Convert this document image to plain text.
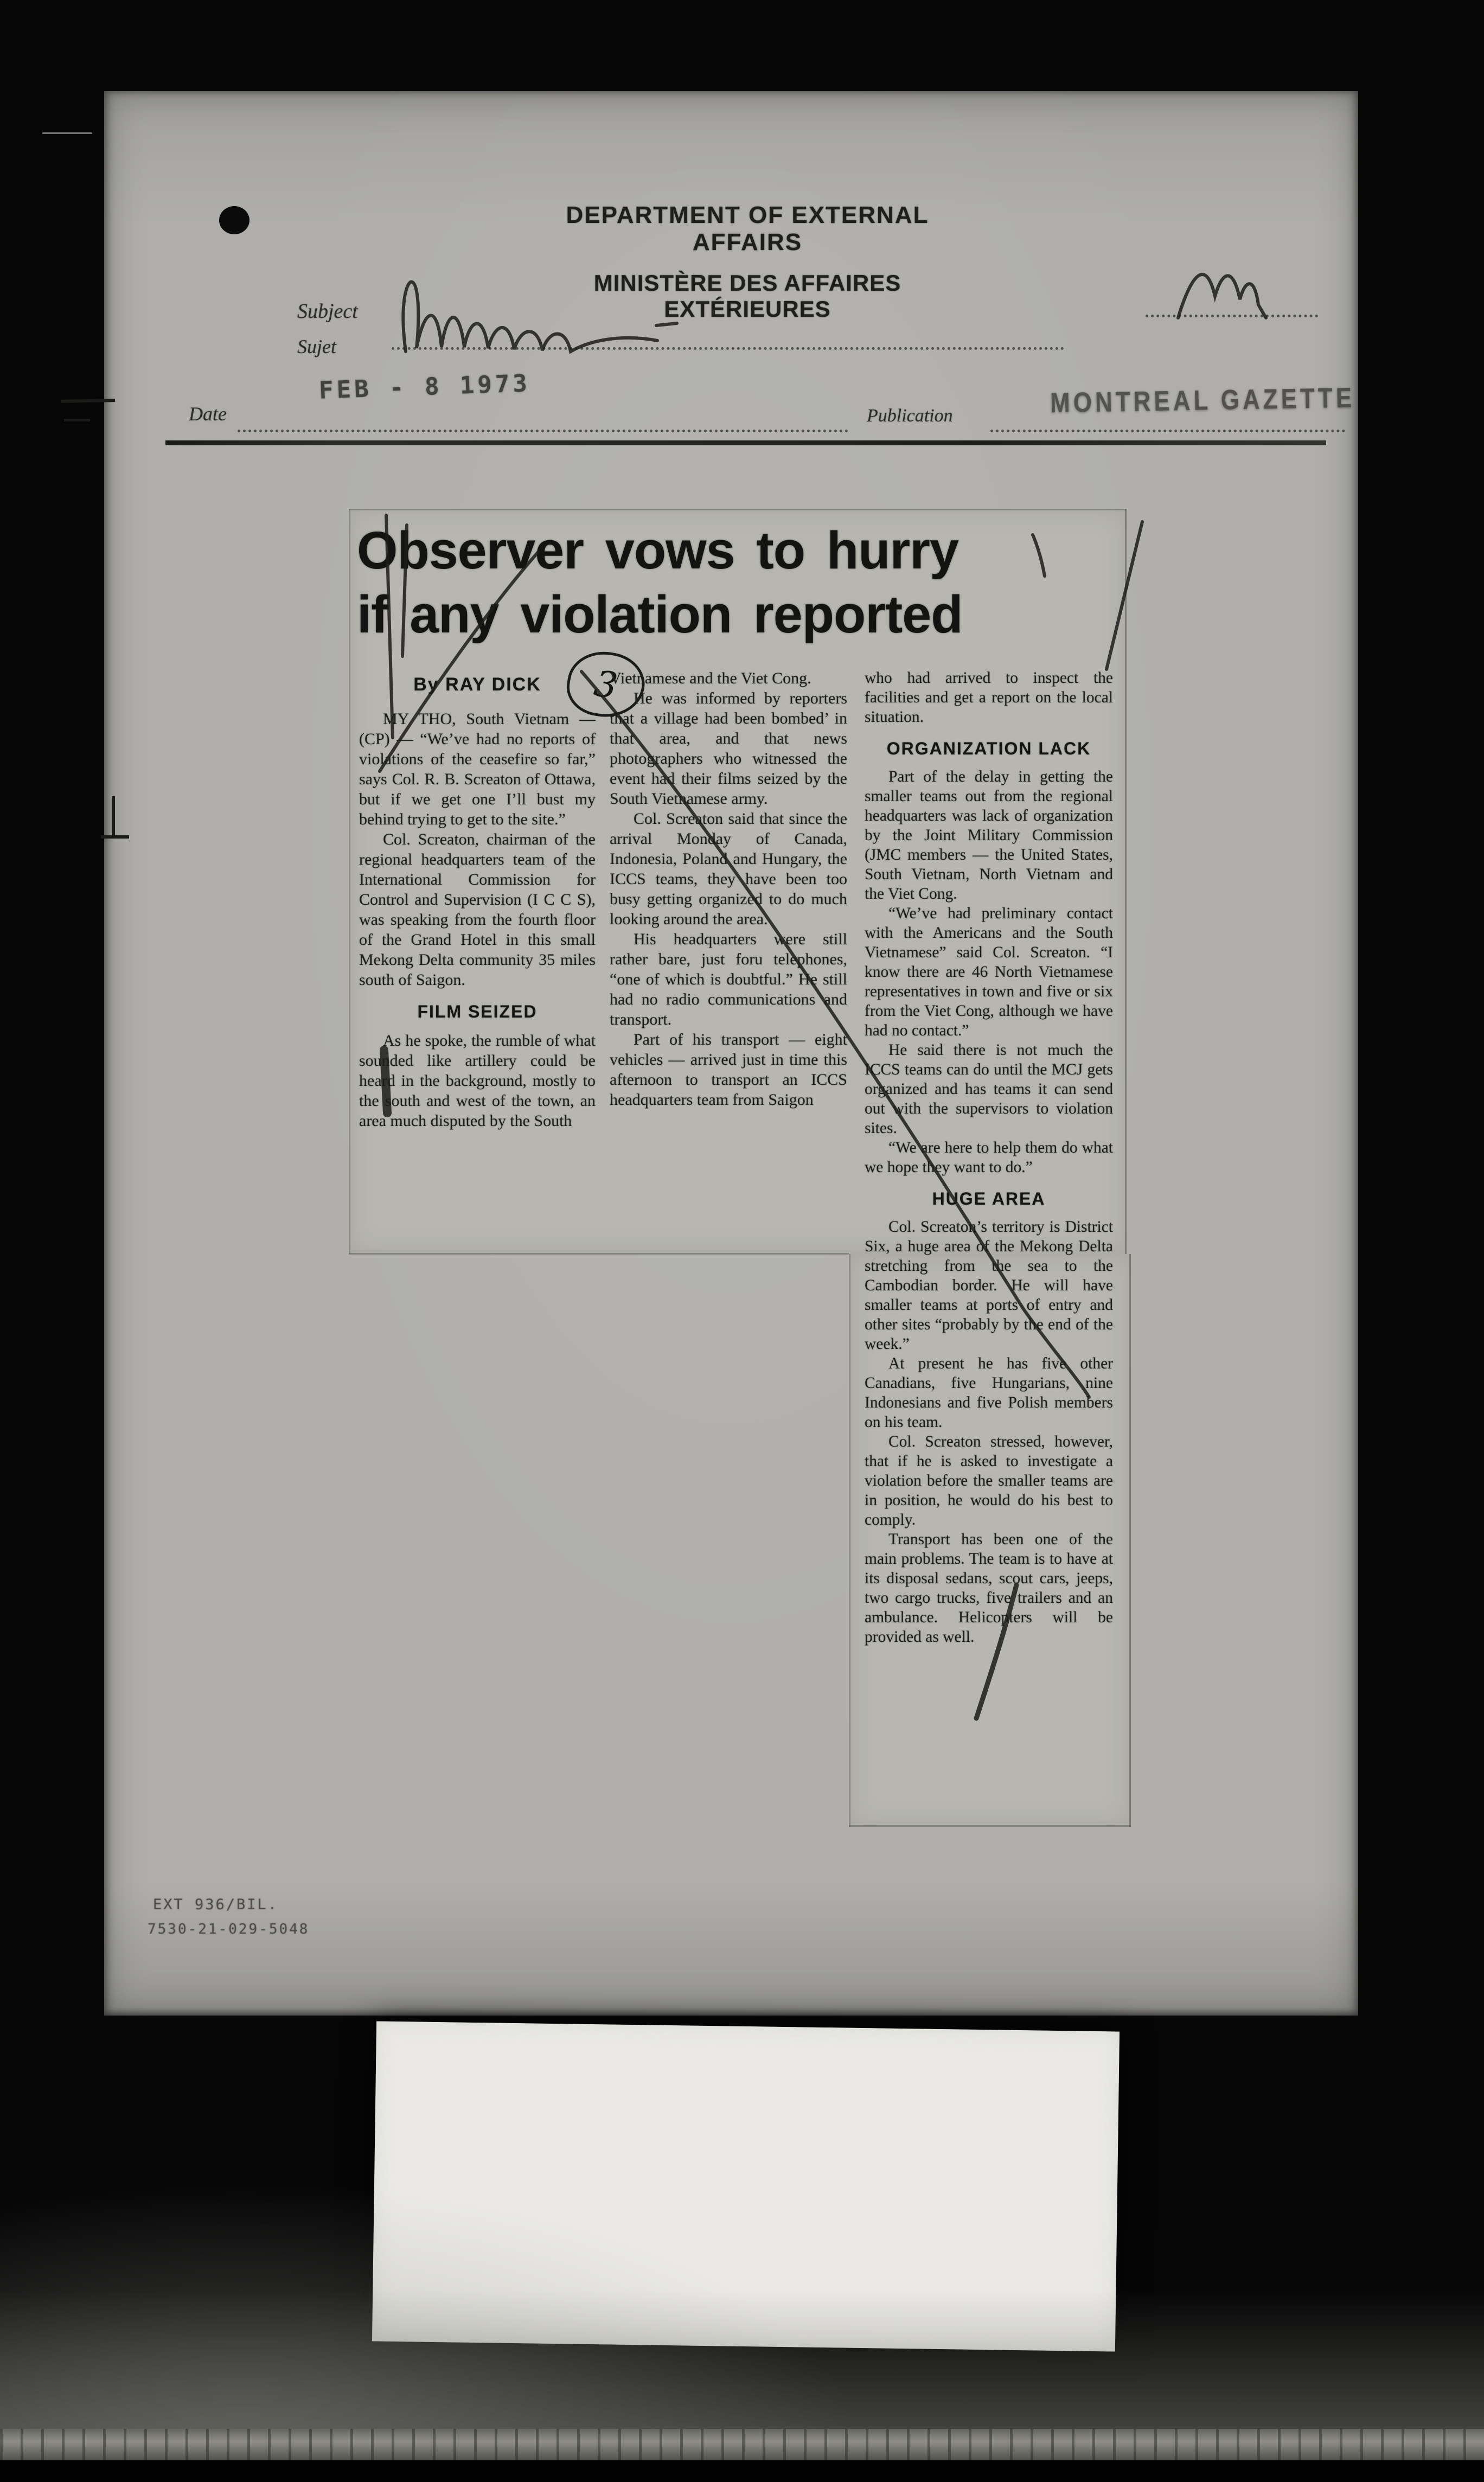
DEPARTMENT OF EXTERNAL AFFAIRS
MINISTÈRE DES AFFAIRES EXTÉRIEURES
Subject
Sujet
Date
FEB - 8 1973
Publication	MONTREAL GAZETTE
Observer vows to hurry
if any violation reported
3
By RAY DICK

MY THO, South Vietnam — (CP) — “We’ve had no reports of violations of the ceasefire so far,” says Col. R. B. Screaton of Ottawa, but if we get one I’ll bust my behind trying to get to the site.”

Col. Screaton, chairman of the regional headquarters team of the International Commission for Control and Supervision (I C C S), was speaking from the fourth floor of the Grand Hotel in this small Mekong Delta community 35 miles south of Saigon.

FILM SEIZED

As he spoke, the rumble of what sounded like artillery could be heard in the background, mostly to the south and west of the town, an area much disputed by the South

Vietnamese and the Viet Cong.

He was informed by reporters that a village had been bombed’ in that area, and that news photographers who witnessed the event had their films seized by the South Vietnamese army.

Col. Screaton said that since the arrival Monday of Canada, Indonesia, Poland and Hungary, the ICCS teams, they have been too busy getting organized to do much looking around the area.

His headquarters were still rather bare, just foru telephones, “one of which is doubtful.” He still had no radio communications and transport.

Part of his transport — eight vehicles — arrived just in time this afternoon to transport an ICCS headquarters team from Saigon

who had arrived to inspect the facilities and get a report on the local situation.

ORGANIZATION LACK

Part of the delay in getting the smaller teams out from the regional headquarters was lack of organization by the Joint Military Commission (JMC members — the United States, South Vietnam, North Vietnam and the Viet Cong.

“We’ve had preliminary contact with the Americans and the South Vietnamese” said Col. Screaton. “I know there are 46 North Vietnamese representatives in town and five or six from the Viet Cong, although we have had no contact.”

He said there is not much the ICCS teams can do until the MCJ gets organized and has teams it can send out with the supervisors to violation sites.

“We are here to help them do what we hope they want to do.”

HUGE AREA

Col. Screaton’s territory is District Six, a huge area of the Mekong Delta stretching from the sea to the Cambodian border. He will have smaller teams at ports of entry and other sites “probably by the end of the week.”

At present he has five other Canadians, five Hungarians, nine Indonesians and five Polish members on his team.

Col. Screaton stressed, however, that if he is asked to investigate a violation before the smaller teams are in position, he would do his best to comply.

Transport has been one of the main problems. The team is to have at its disposal sedans, scout cars, jeeps, two cargo trucks, five trailers and an ambulance. Helicopters will be provided as well.

EXT 936/BIL.
7530-21-029-5048
